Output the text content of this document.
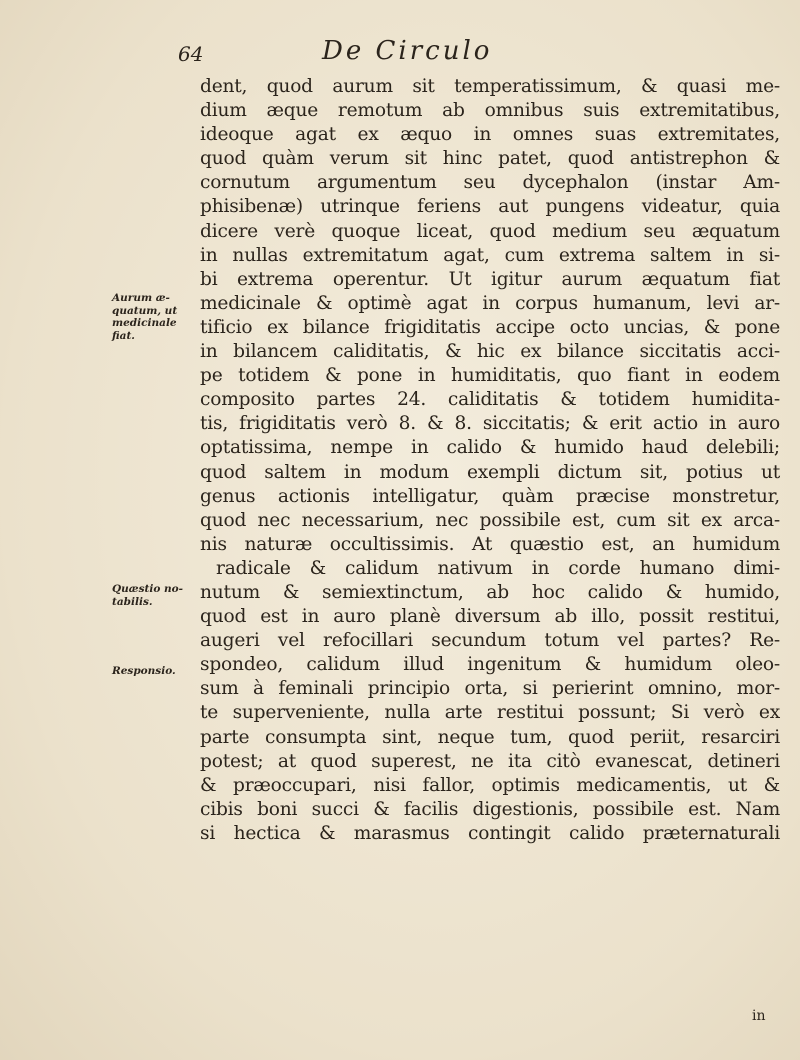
64	De Circulo
Aurum æ-
quatum, ut
medicinale
fiat.
Quæstio no-
tabilis.
Responsio.
dent, quod aurum sit temperatissimum, & quasi me-
dium æque remotum ab omnibus suis extremitatibus,
ideoque agat ex æquo in omnes suas extremitates,
quod quàm verum sit hinc patet, quod antistrephon &
cornutum argumentum seu dycephalon (instar Am-
phisibenæ) utrinque feriens aut pungens videatur, quia
dicere verè quoque liceat, quod medium seu æquatum
in nullas extremitatum agat, cum extrema saltem in si-
bi extrema operentur. Ut igitur aurum æquatum fiat
medicinale & optimè agat in corpus humanum, levi ar-
tificio ex bilance frigiditatis accipe octo uncias, & pone
in bilancem caliditatis, & hic ex bilance siccitatis acci-
pe totidem & pone in humiditatis, quo fiant in eodem
composito partes 24. caliditatis & totidem humidita-
tis, frigiditatis verò 8. & 8. siccitatis; & erit actio in auro
optatissima, nempe in calido & humido haud delebili;
quod saltem in modum exempli dictum sit, potius ut
genus actionis intelligatur, quàm præcise monstretur,
quod nec necessarium, nec possibile est, cum sit ex arca-
nis naturæ occultissimis. At quæstio est, an humidum
radicale & calidum nativum in corde humano dimi-
nutum & semiextinctum, ab hoc calido & humido,
quod est in auro planè diversum ab illo, possit restitui,
augeri vel refocillari secundum totum vel partes? Re-
spondeo, calidum illud ingenitum & humidum oleo-
sum à feminali principio orta, si perierint omnino, mor-
te superveniente, nulla arte restitui possunt; Si verò ex
parte consumpta sint, neque tum, quod periit, resarciri
potest; at quod superest, ne ita citò evanescat, detineri
& præoccupari, nisi fallor, optimis medicamentis, ut &
cibis boni succi & facilis digestionis, possibile est. Nam
si hectica & marasmus contingit calido præternaturali
in
